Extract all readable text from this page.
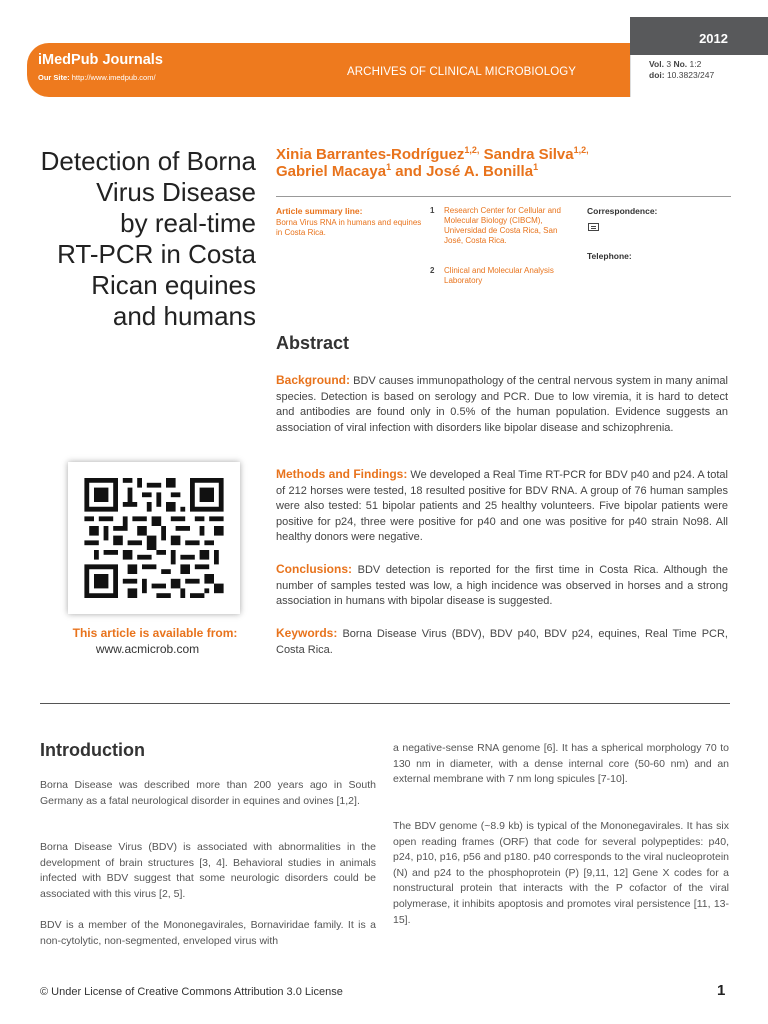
iMedPub Journals
Our Site: http://www.imedpub.com/	ARCHIVES OF CLINICAL MICROBIOLOGY
2012
Vol. 3 No. 1:2
doi: 10.3823/247
Detection of Borna
Virus Disease
by real-time
RT-PCR in Costa
Rican equines
and humans
Xinia Barrantes-Rodríguez$^{1,2,}$ Sandra Silva$^{1,2,}$
Gabriel Macaya$^1$ and José A. Bonilla$^1$
Article summary line:
Borna Virus RNA in humans and equines in Costa Rica.
1 Research Center for Cellular and Molecular Biology (CIBCM), Universidad de Costa Rica, San José, Costa Rica.
2 Clinical and Molecular Analysis Laboratory
Correspondence:
Telephone:
Abstract
Background: BDV causes immunopathology of the central nervous system in many animal species. Detection is based on serology and PCR. Due to low viremia, it is hard to detect and antibodies are found only in 0.5% of the human population. Evidence suggests an association of viral infection with disorders like bipolar disease and schizophrenia.
Methods and Findings: We developed a Real Time RT-PCR for BDV p40 and p24. A total of 212 horses were tested, 18 resulted positive for BDV RNA. A group of 76 human samples were also tested: 51 bipolar patients and 25 healthy volunteers. Five bipolar patients were positive for p24, three were positive for p40 and one was positive for p40 strain No98. All healthy donors were negative.
Conclusions: BDV detection is reported for the first time in Costa Rica. Although the number of samples tested was low, a high incidence was observed in horses and a strong association in humans with bipolar disease is suggested.
Keywords: Borna Disease Virus (BDV), BDV p40, BDV p24, equines, Real Time PCR, Costa Rica.
This article is available from:
www.acmicrob.com
Introduction
Borna Disease was described more than 200 years ago in South Germany as a fatal neurological disorder in equines and ovines [1,2].
Borna Disease Virus (BDV) is associated with abnormalities in the development of brain structures [3, 4]. Behavioral studies in animals infected with BDV suggest that some neurologic disorders could be associated with this virus [2, 5].
BDV is a member of the Mononegavirales, Bornaviridae family. It is a non-cytolytic, non-segmented, enveloped virus with
a negative-sense RNA genome [6]. It has a spherical morphology 70 to 130 nm in diameter, with a dense internal core (50-60 nm) and an external membrane with 7 nm long spicules [7-10].
The BDV genome (~8.9 kb) is typical of the Mononegavirales. It has six open reading frames (ORF) that code for several polypeptides: p40, p24, p10, p16, p56 and p180. p40 corresponds to the viral nucleoprotein (N) and p24 to the phosphoprotein (P) [9,11, 12] Gene X codes for a nonstructural protein that interacts with the P cofactor of the viral polymerase, it inhibits apoptosis and promotes viral persistence [11, 13-15].
© Under License of Creative Commons Attribution 3.0 License	1
